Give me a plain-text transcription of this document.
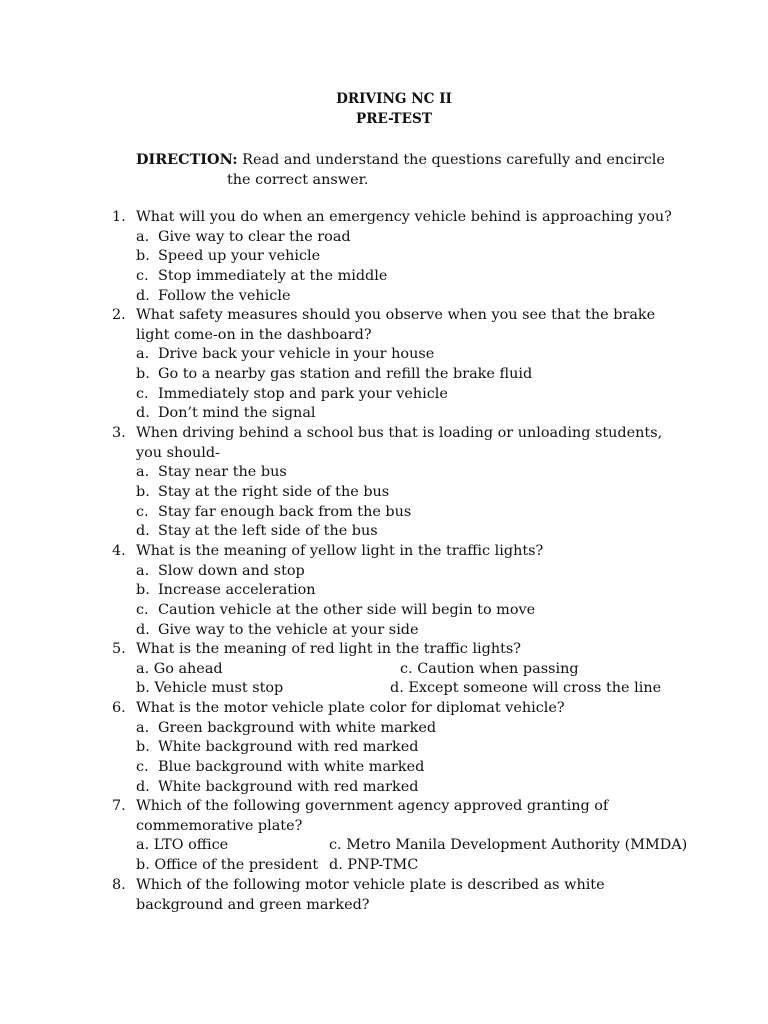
DRIVING NC II
PRE-TEST
DIRECTION: Read and understand the questions carefully and encircle
the correct answer.
1. What will you do when an emergency vehicle behind is approaching you?
a. Give way to clear the road
b. Speed up your vehicle
c. Stop immediately at the middle
d. Follow the vehicle
2. What safety measures should you observe when you see that the brake
light come-on in the dashboard?
a. Drive back your vehicle in your house
b. Go to a nearby gas station and refill the brake fluid
c. Immediately stop and park your vehicle
d. Don’t mind the signal
3. When driving behind a school bus that is loading or unloading students,
you should-
a. Stay near the bus
b. Stay at the right side of the bus
c. Stay far enough back from the bus
d. Stay at the left side of the bus
4. What is the meaning of yellow light in the traffic lights?
a. Slow down and stop
b. Increase acceleration
c. Caution vehicle at the other side will begin to move
d. Give way to the vehicle at your side
5. What is the meaning of red light in the traffic lights?
a. Go ahead	c. Caution when passing
b. Vehicle must stop	d. Except someone will cross the line
6. What is the motor vehicle plate color for diplomat vehicle?
a. Green background with white marked
b. White background with red marked
c. Blue background with white marked
d. White background with red marked
7. Which of the following government agency approved granting of
commemorative plate?
a. LTO office	c. Metro Manila Development Authority (MMDA)
b. Office of the president d. PNP-TMC
8. Which of the following motor vehicle plate is described as white
background and green marked?
